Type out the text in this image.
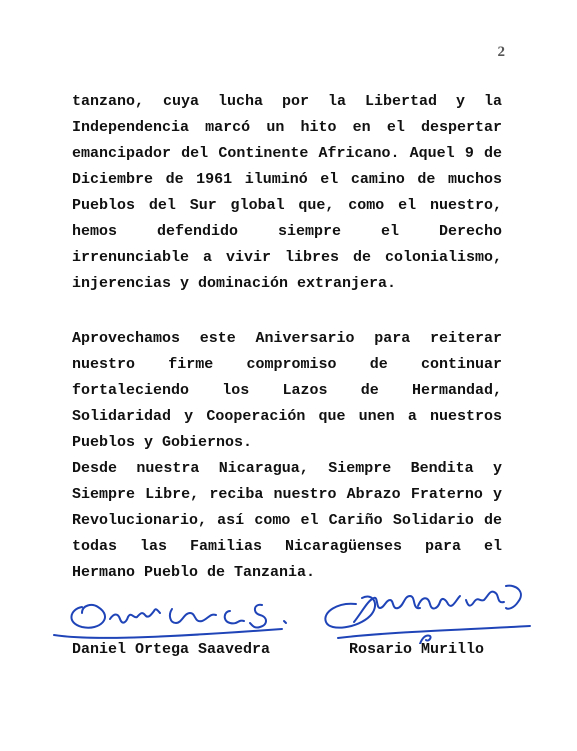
2

tanzano, cuya lucha por la Libertad y la Independencia marcó un hito en el despertar emancipador del Continente Africano. Aquel 9 de Diciembre de 1961 iluminó el camino de muchos Pueblos del Sur global que, como el nuestro, hemos defendido siempre el Derecho irrenunciable a vivir libres de colonialismo, injerencias y dominación extranjera.

Aprovechamos este Aniversario para reiterar nuestro firme compromiso de continuar fortaleciendo los Lazos de Hermandad, Solidaridad y Cooperación que unen a nuestros Pueblos y Gobiernos.

Desde nuestra Nicaragua, Siempre Bendita y Siempre Libre, reciba nuestro Abrazo Fraterno y Revolucionario, así como el Cariño Solidario de todas las Familias Nicaragüenses para el Hermano Pueblo de Tanzania.

Daniel Ortega Saavedra	Rosario Murillo
